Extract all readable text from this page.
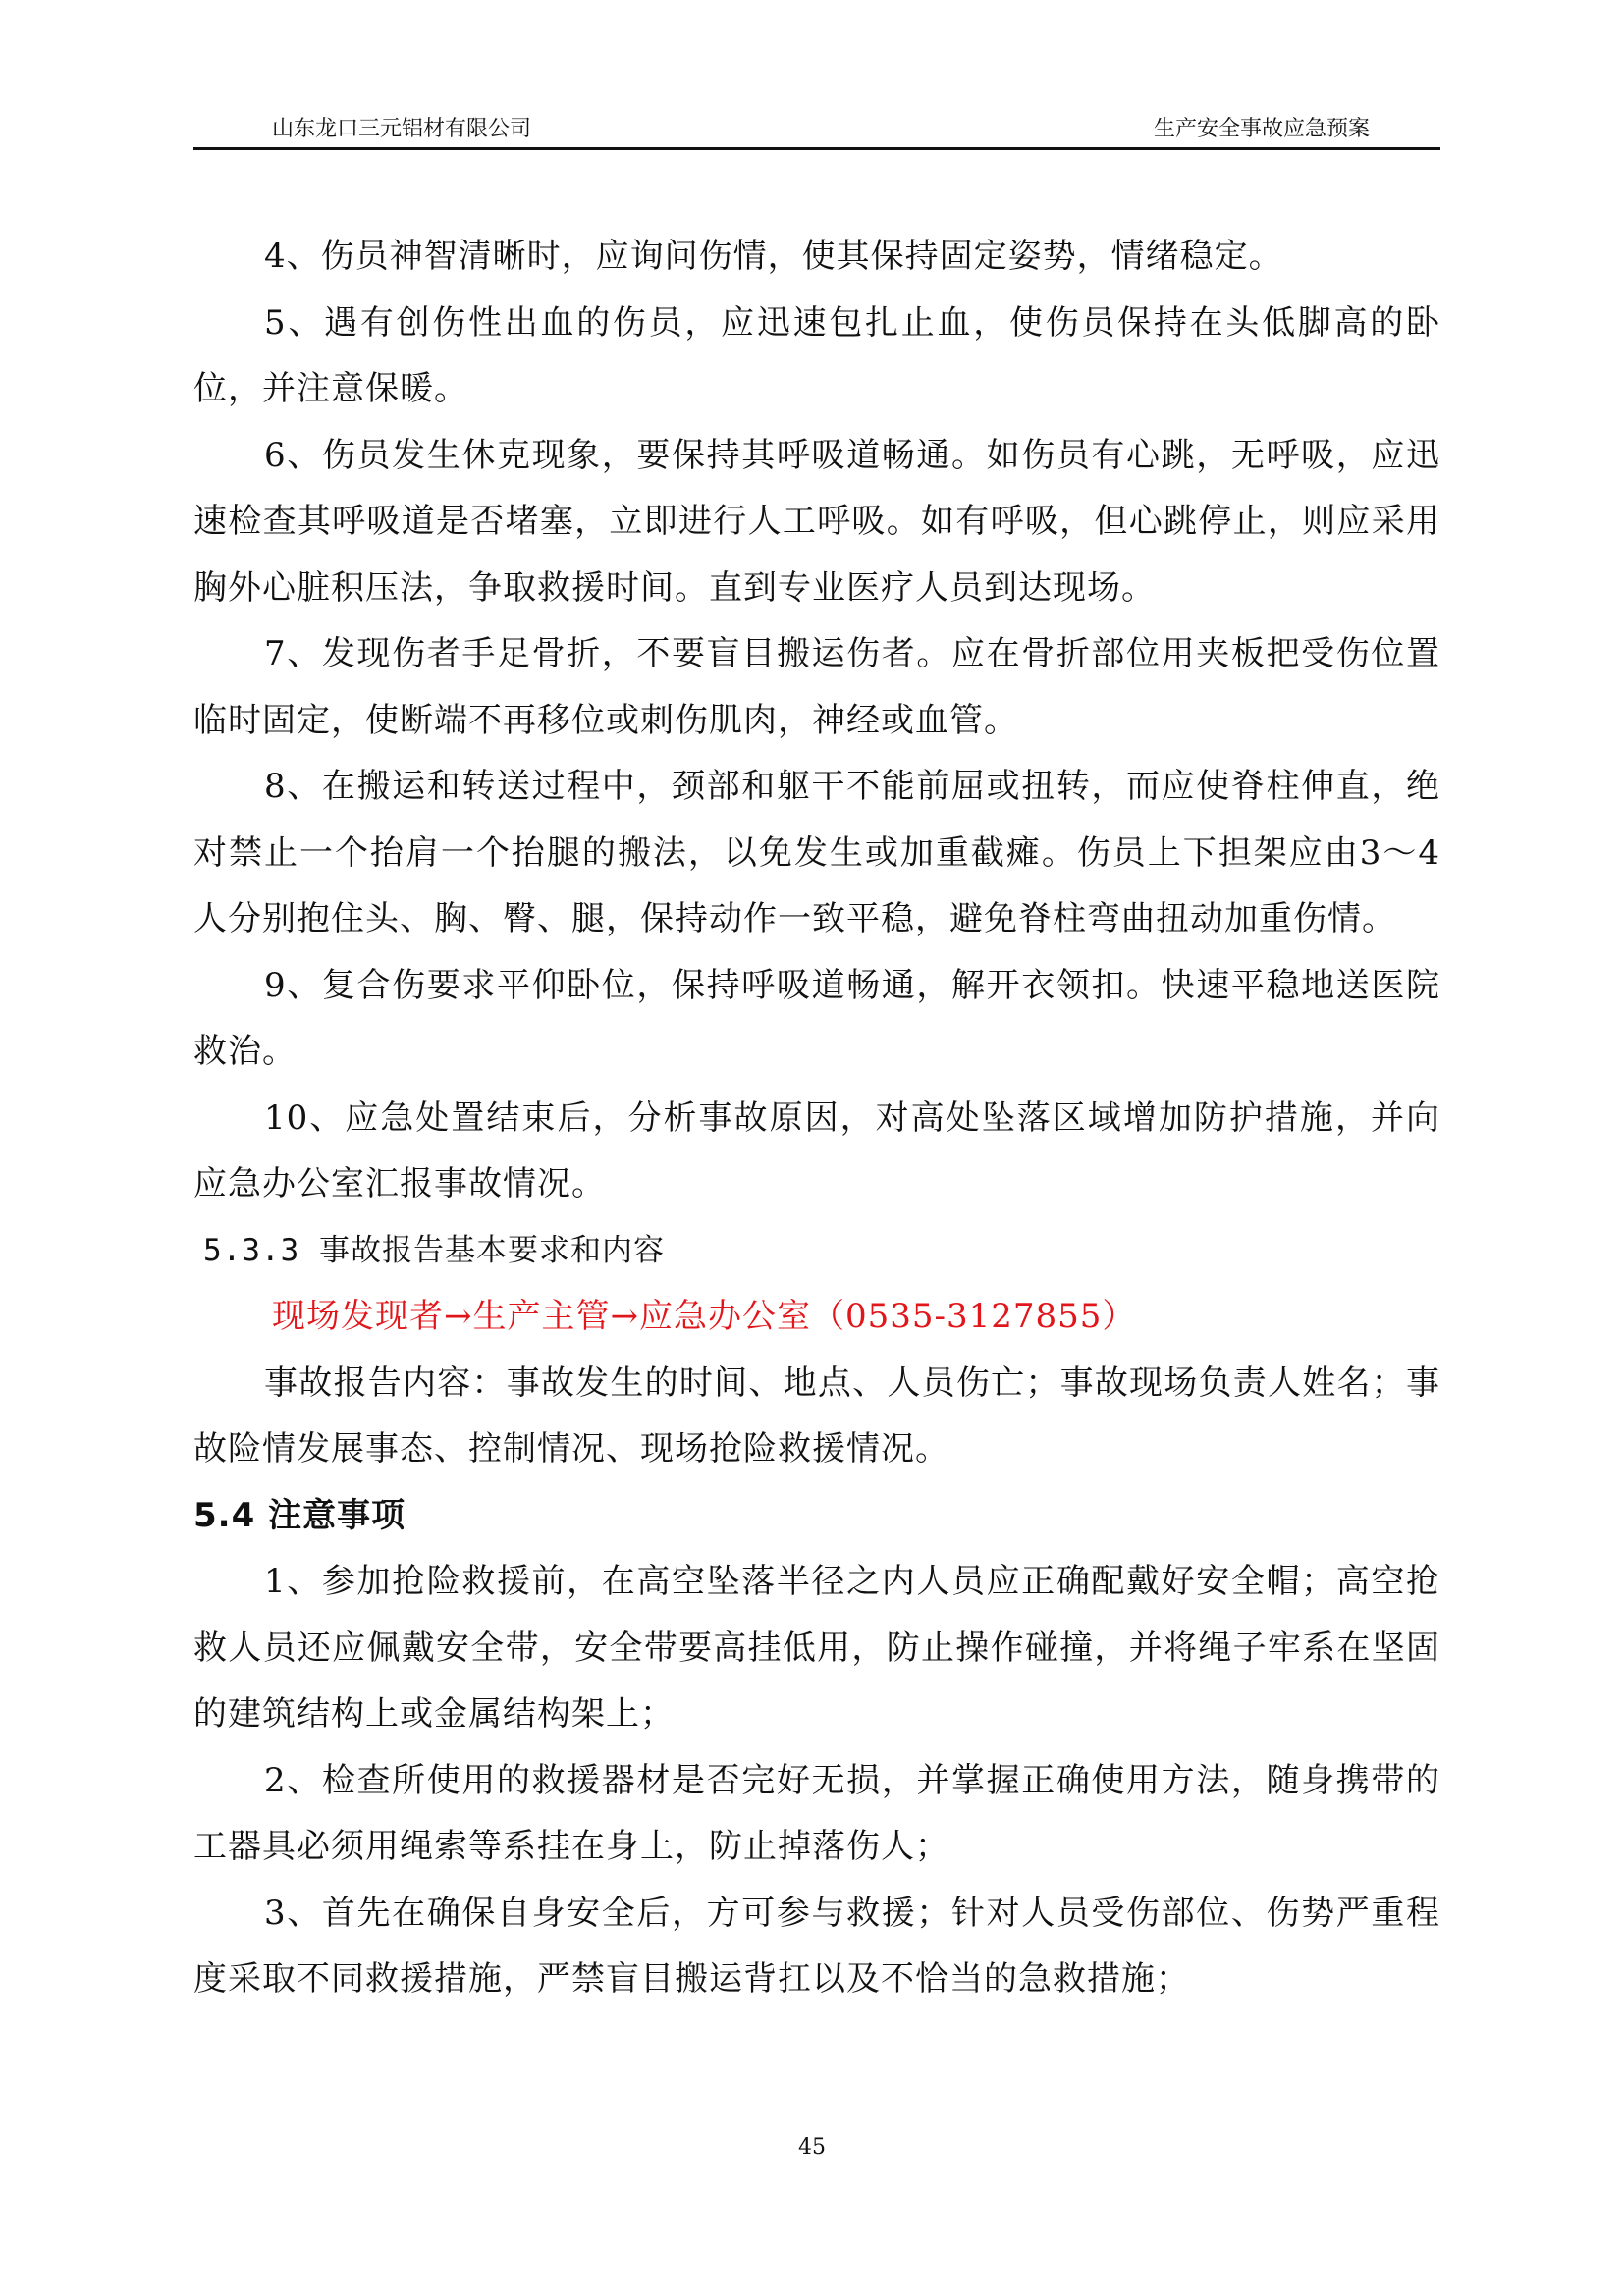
山东龙口三元铝材有限公司	生产安全事故应急预案

4、伤员神智清晰时，应询问伤情，使其保持固定姿势，情绪稳定。

5、遇有创伤性出血的伤员，应迅速包扎止血，使伤员保持在头低脚高的卧位，并注意保暖。

6、伤员发生休克现象，要保持其呼吸道畅通。如伤员有心跳，无呼吸，应迅速检查其呼吸道是否堵塞，立即进行人工呼吸。如有呼吸，但心跳停止，则应采用胸外心脏积压法，争取救援时间。直到专业医疗人员到达现场。

7、发现伤者手足骨折，不要盲目搬运伤者。应在骨折部位用夹板把受伤位置临时固定，使断端不再移位或刺伤肌肉，神经或血管。

8、在搬运和转送过程中，颈部和躯干不能前屈或扭转，而应使脊柱伸直，绝对禁止一个抬肩一个抬腿的搬法，以免发生或加重截瘫。伤员上下担架应由3～4人分别抱住头、胸、臀、腿，保持动作一致平稳，避免脊柱弯曲扭动加重伤情。

9、复合伤要求平仰卧位，保持呼吸道畅通，解开衣领扣。快速平稳地送医院救治。

10、应急处置结束后，分析事故原因，对高处坠落区域增加防护措施，并向应急办公室汇报事故情况。

5.3.3 事故报告基本要求和内容

现场发现者→生产主管→应急办公室（0535-3127855）

事故报告内容：事故发生的时间、地点、人员伤亡；事故现场负责人姓名；事故险情发展事态、控制情况、现场抢险救援情况。

5.4 注意事项

1、参加抢险救援前，在高空坠落半径之内人员应正确配戴好安全帽；高空抢救人员还应佩戴安全带，安全带要高挂低用，防止操作碰撞，并将绳子牢系在坚固的建筑结构上或金属结构架上；

2、检查所使用的救援器材是否完好无损，并掌握正确使用方法，随身携带的工器具必须用绳索等系挂在身上，防止掉落伤人；

3、首先在确保自身安全后，方可参与救援；针对人员受伤部位、伤势严重程度采取不同救援措施，严禁盲目搬运背扛以及不恰当的急救措施；

45
